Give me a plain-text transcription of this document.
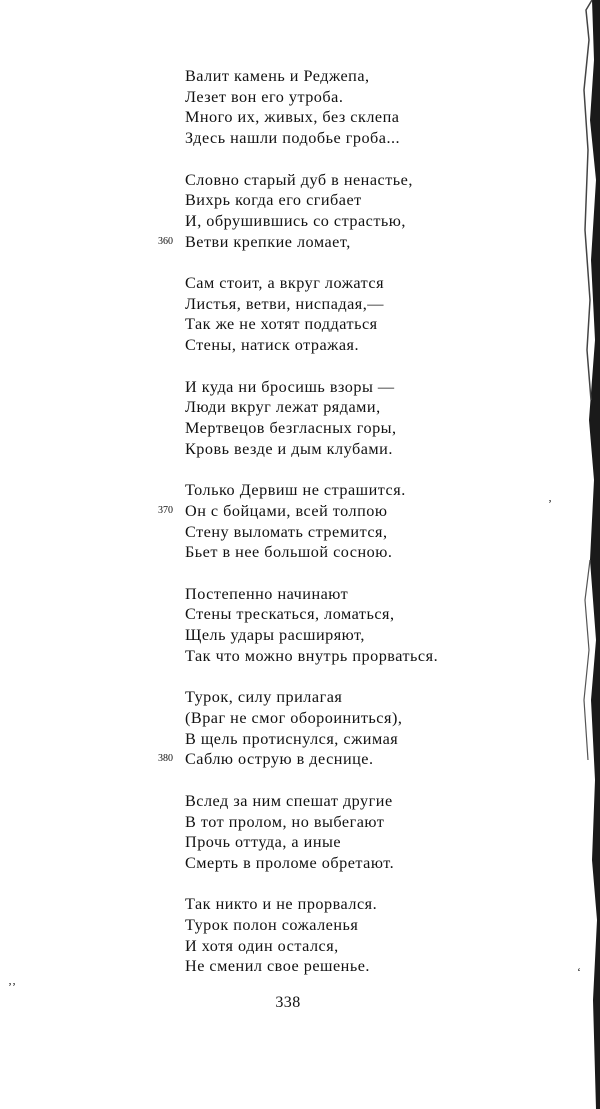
ʼʼ
ʼ
ʻ
Валит камень и Реджепа,
Лезет вон его утроба.
Мнoго их, живых, без склепа
Здесь нашли подобье гроба...
Словно старый дуб в ненастье,
Вихрь когда его сгибает
И, обрушившись со страстью,
Ветви крепкие ломает,
360
Сам стоит, а вкруг ложатся
Листья, ветви, ниспадая,—
Так же не хотят поддаться
Стены, натиск отражая.
И куда ни бросишь взоры —
Люди вкруг лежат рядами,
Мертвецов безгласных горы,
Кровь везде и дым клубами.
Только Дервиш не страшится.
Он с бойцами, всей толпою
370
Стену выломать стремится,
Бьет в нее большой сосною.
Постепенно начинают
Стены трескаться, ломаться,
Щель удары расширяют,
Так что можно внутрь прорваться.
Турок, силу прилагая
(Враг не смог обороиниться),
В щель протиснулся, сжимая
Саблю острую в деснице.
380
Вслед за ним спешат другие
В тот пролом, но выбегают
Прочь оттуда, а иные
Смерть в проломе обретают.
Так никто и не прорвался.
Турок полон сожаленья
И хотя один остался,
Не сменил свое решенье.
338
